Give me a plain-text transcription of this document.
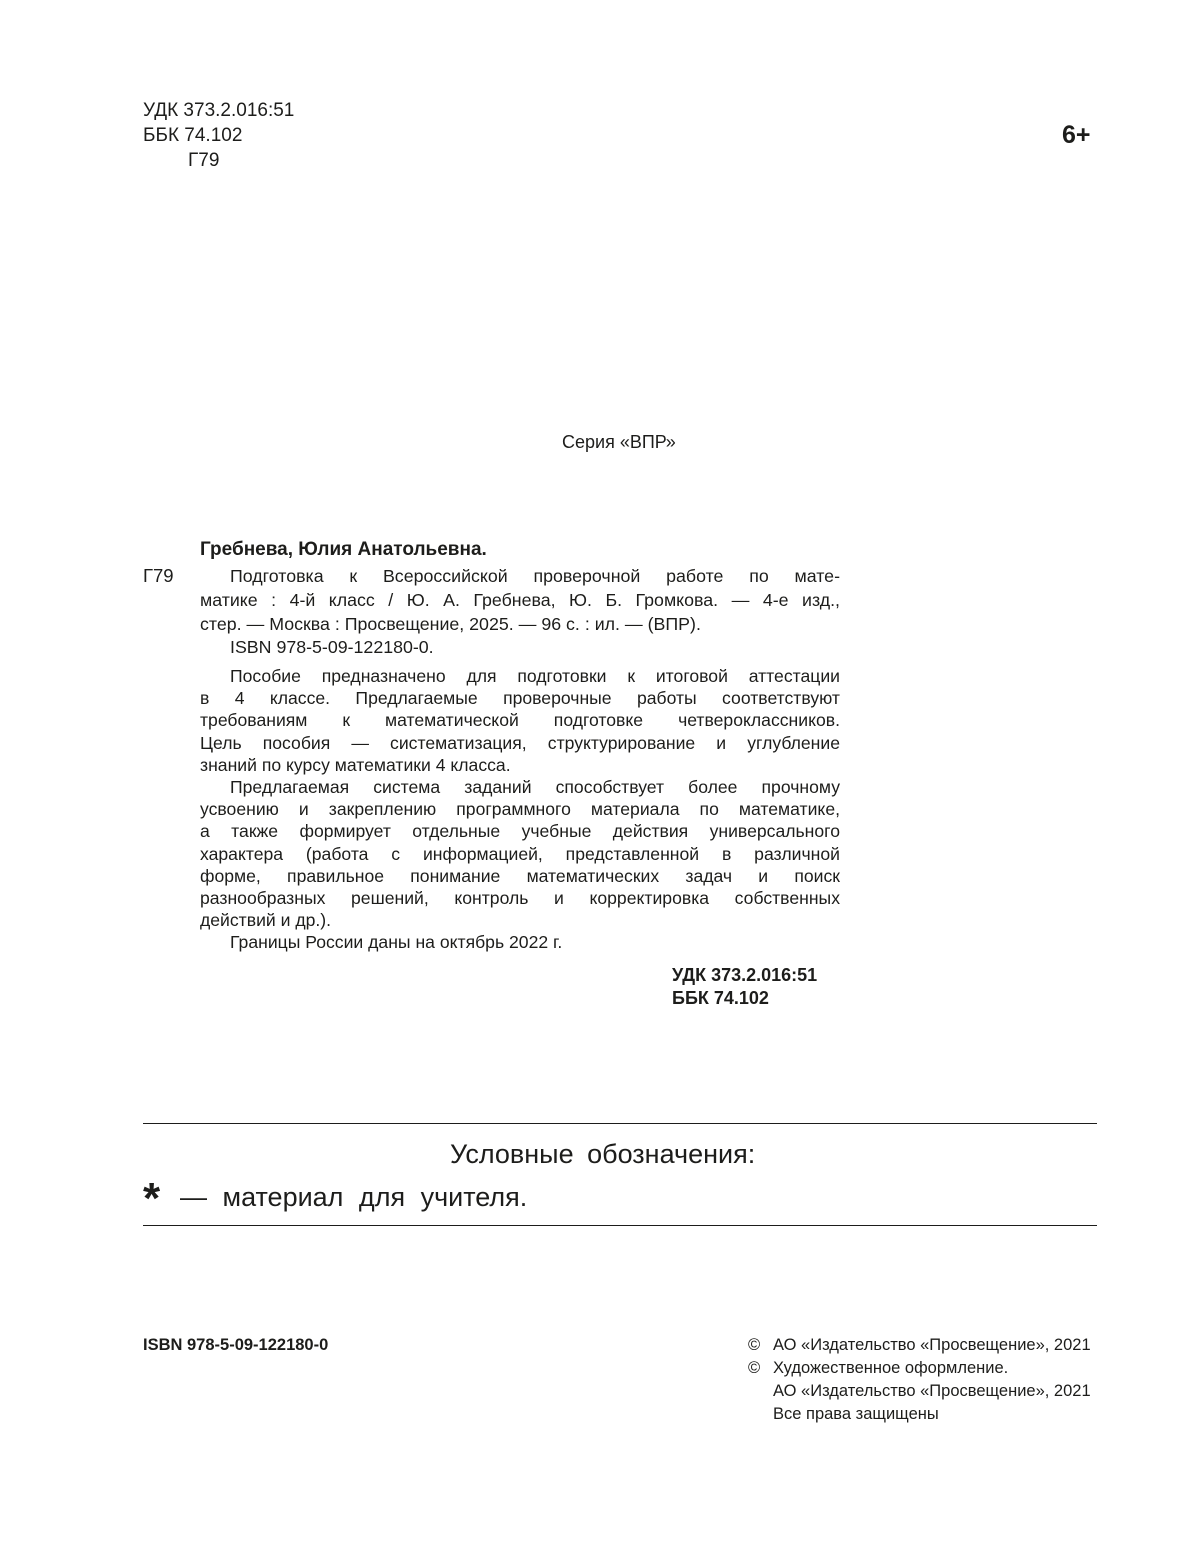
УДК 373.2.016:51
ББК 74.102
Г79
6+
Серия «ВПР»
Гребнева, Юлия Анатольевна.
Г79	Подготовка к Всероссийской проверочной работе по мате-
матике : 4-й класс / Ю. А. Гребнева, Ю. Б. Громкова. — 4-е изд.,
стер. — Москва : Просвещение, 2025. — 96 с. : ил. — (ВПР).
ISBN 978-5-09-122180-0.
Пособие предназначено для подготовки к итоговой аттестации
в 4 классе. Предлагаемые проверочные работы соответствуют
требованиям к математической подготовке четвероклассников.
Цель пособия — систематизация, структурирование и углубление
знаний по курсу математики 4 класса.
Предлагаемая система заданий способствует более прочному
усвоению и закреплению программного материала по математике,
а также формирует отдельные учебные действия универсального
характера (работа с информацией, представленной в различной
форме, правильное понимание математических задач и поиск
разнообразных решений, контроль и корректировка собственных
действий и др.).
Границы России даны на октябрь 2022 г.
УДК 373.2.016:51
ББК 74.102
Условные обозначения:
* — материал для учителя.
ISBN 978-5-09-122180-0	© АО «Издательство «Просвещение», 2021
© Художественное оформление.
АО «Издательство «Просвещение», 2021
Все права защищены
